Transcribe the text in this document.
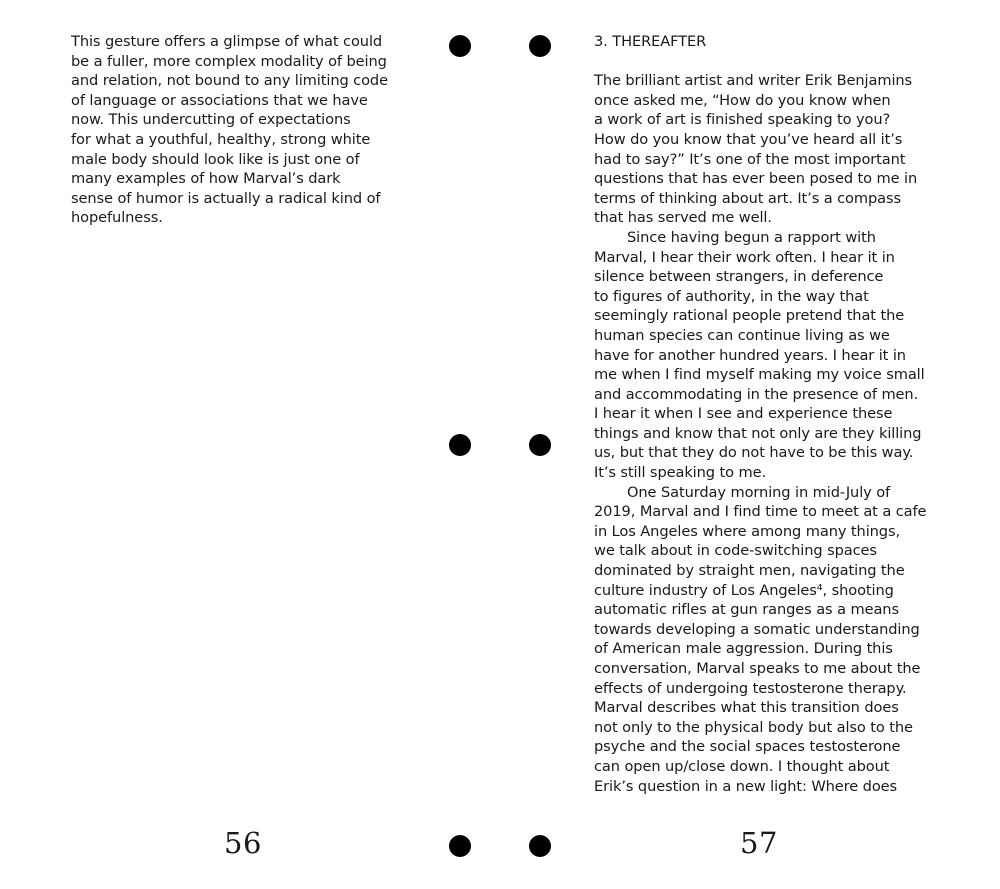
This gesture offers a glimpse of what could
be a fuller, more complex modality of being
and relation, not bound to any limiting code
of language or associations that we have
now. This undercutting of expectations
for what a youthful, healthy, strong white
male body should look like is just one of
many examples of how Marval’s dark
sense of humor is actually a radical kind of
hopefulness.
56
3. THEREAFTER
The brilliant artist and writer Erik Benjamins
once asked me, “How do you know when
a work of art is finished speaking to you?
How do you know that you’ve heard all it’s
had to say?” It’s one of the most important
questions that has ever been posed to me in
terms of thinking about art. It’s a compass
that has served me well.
Since having begun a rapport with
Marval, I hear their work often. I hear it in
silence between strangers, in deference
to figures of authority, in the way that
seemingly rational people pretend that the
human species can continue living as we
have for another hundred years. I hear it in
me when I find myself making my voice small
and accommodating in the presence of men.
I hear it when I see and experience these
things and know that not only are they killing
us, but that they do not have to be this way.
It’s still speaking to me.
One Saturday morning in mid-July of
2019, Marval and I find time to meet at a cafe
in Los Angeles where among many things,
we talk about in code-switching spaces
dominated by straight men, navigating the
culture industry of Los Angeles⁴, shooting
automatic rifles at gun ranges as a means
towards developing a somatic understanding
of American male aggression. During this
conversation, Marval speaks to me about the
effects of undergoing testosterone therapy.
Marval describes what this transition does
not only to the physical body but also to the
psyche and the social spaces testosterone
can open up/close down. I thought about
Erik’s question in a new light: Where does
57
